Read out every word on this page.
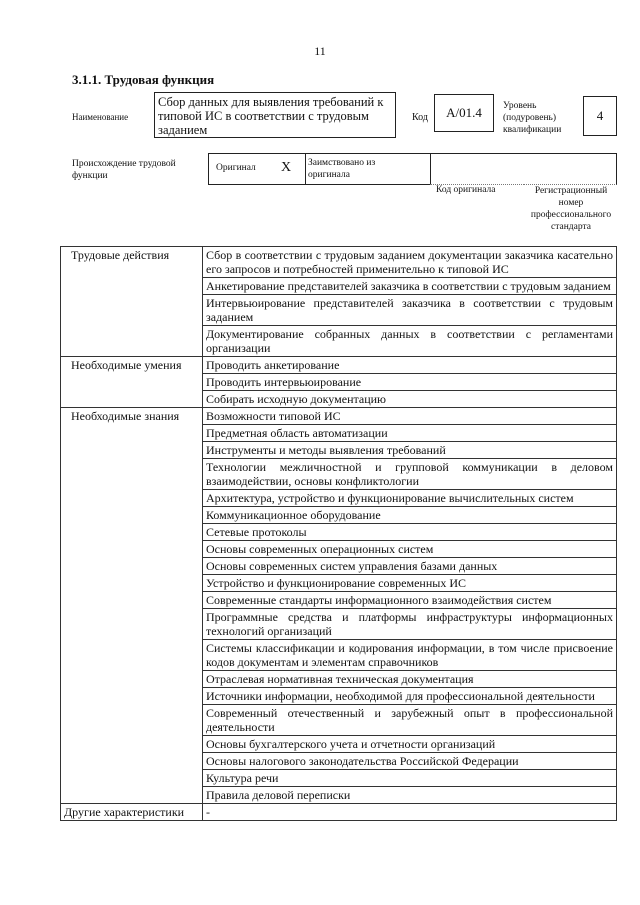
11
3.1.1. Трудовая функция
Наименование
Сбор данных для выявления требований к типовой ИС в соответствии с трудовым заданием
Код	A/01.4	Уровень (подуровень) квалификации
4
Происхождение трудовой функции
Оригинал X Заимствовано из оригинала
Код оригинала	Регистрационный номер профессионального стандарта
Трудовые действия	Сбор в соответствии с трудовым заданием документации заказчика касательно его запросов и потребностей применительно к типовой ИС
	Анкетирование представителей заказчика в соответствии с трудовым заданием
	Интервьюирование представителей заказчика в соответствии с трудовым заданием
	Документирование собранных данных в соответствии с регламентами организации
Необходимые умения	Проводить анкетирование
	Проводить интервьюирование
	Собирать исходную документацию
Необходимые знания	Возможности типовой ИС
	Предметная область автоматизации
	Инструменты и методы выявления требований
	Технологии межличностной и групповой коммуникации в деловом взаимодействии, основы конфликтологии
	Архитектура, устройство и функционирование вычислительных систем
	Коммуникационное оборудование
	Сетевые протоколы
	Основы современных операционных систем
	Основы современных систем управления базами данных
	Устройство и функционирование современных ИС
	Современные стандарты информационного взаимодействия систем
	Программные средства и платформы инфраструктуры информационных технологий организаций
	Системы классификации и кодирования информации, в том числе присвоение кодов документам и элементам справочников
	Отраслевая нормативная техническая документация
	Источники информации, необходимой для профессиональной деятельности
	Современный отечественный и зарубежный опыт в профессиональной деятельности
	Основы бухгалтерского учета и отчетности организаций
	Основы налогового законодательства Российской Федерации
	Культура речи
	Правила деловой переписки
Другие характеристики	-
